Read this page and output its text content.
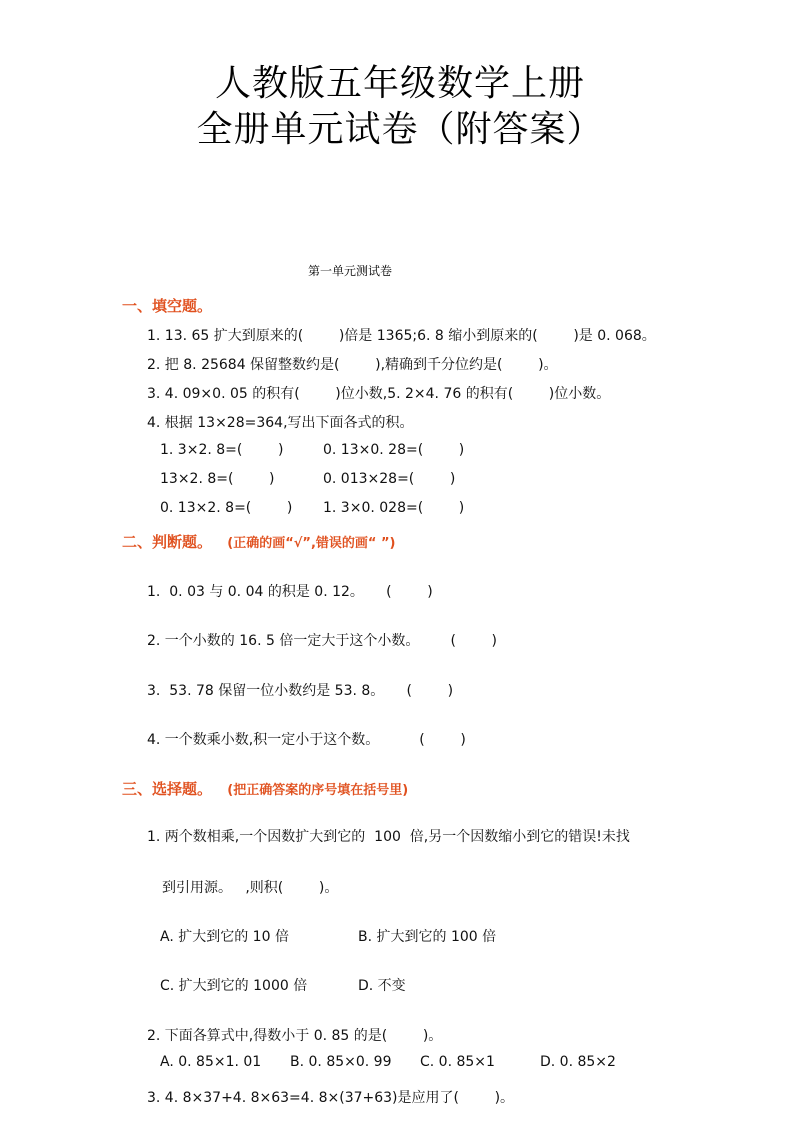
人教版五年级数学上册
全册单元试卷（附答案）
第一单元测试卷
一、填空题。
1. 13. 65 扩大到原来的(        )倍是 1365;6. 8 缩小到原来的(        )是 0. 068。
2. 把 8. 25684 保留整数约是(        ),精确到千分位约是(        )。
3. 4. 09×0. 05 的积有(        )位小数,5. 2×4. 76 的积有(        )位小数。
4. 根据 13×28=364,写出下面各式的积。
1. 3×2. 8=(        )	0. 13×0. 28=(        )
13×2. 8=(        )	0. 013×28=(        )
0. 13×2. 8=(        ) 1. 3×0. 028=(        )
二、判断题。 (正确的画“√”,错误的画“ ”)
1.  0. 03 与 0. 04 的积是 0. 12。     (        )
2. 一个小数的 16. 5 倍一定大于这个小数。       (        )
3.  53. 78 保留一位小数约是 53. 8。     (        )
4. 一个数乘小数,积一定小于这个数。         (        )
三、选择题。 (把正确答案的序号填在括号里)
1. 两个数相乘,一个因数扩大到它的  100  倍,另一个因数缩小到它的错误!未找
到引用源。   ,则积(        )。
A. 扩大到它的 10 倍	B. 扩大到它的 100 倍
C. 扩大到它的 1000 倍	D. 不变
2. 下面各算式中,得数小于 0. 85 的是(        )。
A. 0. 85×1. 01 B. 0. 85×0. 99 C. 0. 85×1	D. 0. 85×2
3. 4. 8×37+4. 8×63=4. 8×(37+63)是应用了(        )。
